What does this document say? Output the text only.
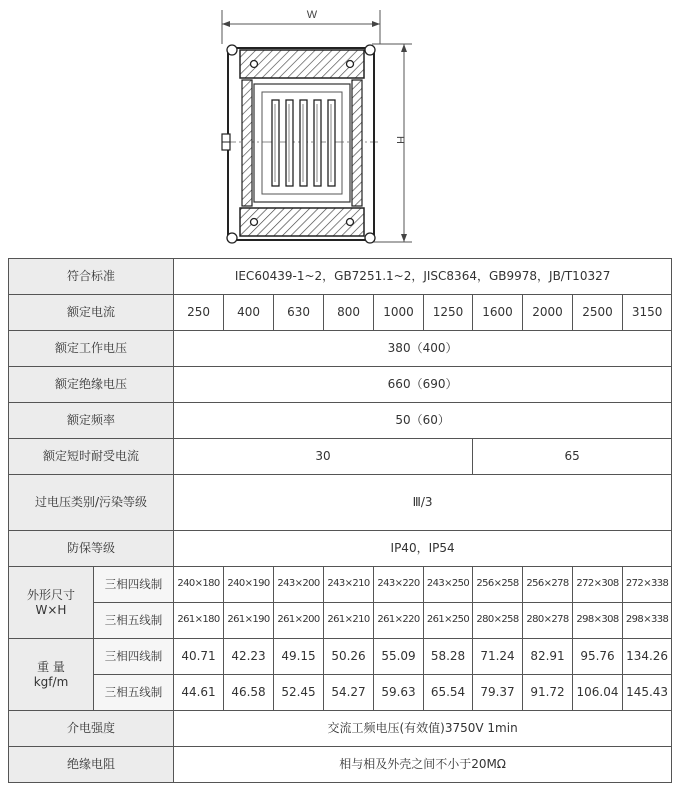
W
H
符合标准		IEC60439-1~2，GB7251.1~2，JISC8364，GB9978，JB/T10327									
额定电流		250	400	630	800	1000	1250	1600	2000	2500	3150
额定工作电压		380（400）									
额定绝缘电压		660（690）									
额定频率		50（60）									
额定短时耐受电流		30						65			
过电压类别/污染等级		Ⅲ/3									
防保等级		IP40，IP54									

外形尺寸
W×H	三相四线制	240×180	240×190	243×200	243×210	243×220	243×250	256×258	256×278	272×308	272×338
	三相五线制	261×180	261×190	261×200	261×210	261×220	261×250	280×258	280×278	298×308	298×338

重 量
kgf/m	三相四线制	40.71	42.23	49.15	50.26	55.09	58.28	71.24	82.91	95.76	134.26
	三相五线制	44.61	46.58	52.45	54.27	59.63	65.54	79.37	91.72	106.04	145.43
介电强度		交流工频电压(有效值)3750V 1min									
绝缘电阻		相与相及外壳之间不小于20MΩ									
